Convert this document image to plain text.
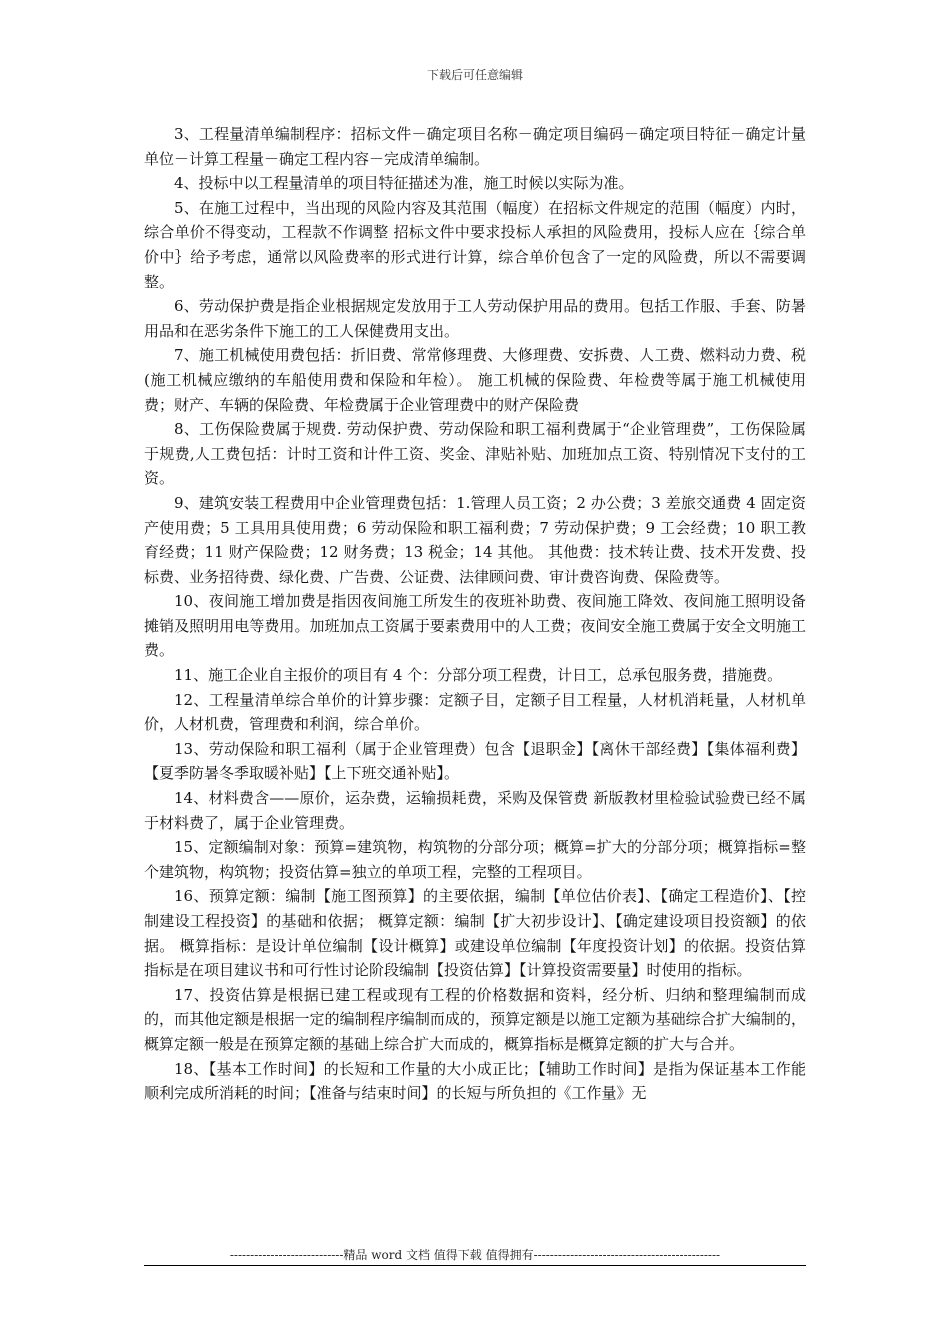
下载后可任意编辑

3、工程量清单编制程序：招标文件－确定项目名称－确定项目编码－确定项目特征－确定计量单位－计算工程量－确定工程内容－完成清单编制。

4、投标中以工程量清单的项目特征描述为准，施工时候以实际为准。

5、在施工过程中，当出现的风险内容及其范围（幅度）在招标文件规定的范围（幅度）内时，综合单价不得变动，工程款不作调整 招标文件中要求投标人承担的风险费用，投标人应在｛综合单价中｝给予考虑，通常以风险费率的形式进行计算，综合单价包含了一定的风险费，所以不需要调整。

6、劳动保护费是指企业根据规定发放用于工人劳动保护用品的费用。包括工作服、手套、防暑用品和在恶劣条件下施工的工人保健费用支出。

7、施工机械使用费包括：折旧费、常常修理费、大修理费、安拆费、人工费、燃料动力费、税(施工机械应缴纳的车船使用费和保险和年检）。 施工机械的保险费、年检费等属于施工机械使用费；财产、车辆的保险费、年检费属于企业管理费中的财产保险费

8、工伤保险费属于规费. 劳动保护费、劳动保险和职工福利费属于“企业管理费”，工伤保险属于规费,人工费包括：计时工资和计件工资、奖金、津贴补贴、加班加点工资、特别情况下支付的工资。

9、建筑安装工程费用中企业管理费包括：1.管理人员工资；2 办公费；3 差旅交通费 4 固定资产使用费；5 工具用具使用费；6 劳动保险和职工福利费；7 劳动保护费；9 工会经费；10 职工教育经费；11 财产保险费；12 财务费；13 税金；14 其他。 其他费：技术转让费、技术开发费、投标费、业务招待费、绿化费、广告费、公证费、法律顾问费、审计费咨询费、保险费等。

10、夜间施工增加费是指因夜间施工所发生的夜班补助费、夜间施工降效、夜间施工照明设备摊销及照明用电等费用。加班加点工资属于要素费用中的人工费；夜间安全施工费属于安全文明施工费。

11、施工企业自主报价的项目有 4 个：分部分项工程费，计日工，总承包服务费，措施费。

12、工程量清单综合单价的计算步骤：定额子目，定额子目工程量，人材机消耗量，人材机单价，人材机费，管理费和利润，综合单价。

13、劳动保险和职工福利（属于企业管理费）包含【退职金】【离休干部经费】【集体福利费】【夏季防暑冬季取暖补贴】【上下班交通补贴】。

14、材料费含——原价，运杂费，运输损耗费，采购及保管费 新版教材里检验试验费已经不属于材料费了，属于企业管理费。

15、定额编制对象：预算=建筑物，构筑物的分部分项；概算=扩大的分部分项；概算指标=整个建筑物，构筑物；投资估算=独立的单项工程，完整的工程项目。

16、预算定额：编制【施工图预算】的主要依据，编制【单位估价表】、【确定工程造价】、【控制建设工程投资】的基础和依据； 概算定额：编制【扩大初步设计】、【确定建设项目投资额】的依据。 概算指标：是设计单位编制【设计概算】或建设单位编制【年度投资计划】的依据。投资估算指标是在项目建议书和可行性讨论阶段编制【投资估算】【计算投资需要量】时使用的指标。

17、投资估算是根据已建工程或现有工程的价格数据和资料，经分析、归纳和整理编制而成的，而其他定额是根据一定的编制程序编制而成的，预算定额是以施工定额为基础综合扩大编制的，概算定额一般是在预算定额的基础上综合扩大而成的，概算指标是概算定额的扩大与合并。

18、【基本工作时间】的长短和工作量的大小成正比；【辅助工作时间】是指为保证基本工作能顺利完成所消耗的时间；【准备与结束时间】的长短与所负担的《工作量》无

----------------------------精品 word 文档 值得下载 值得拥有----------------------------------------------
